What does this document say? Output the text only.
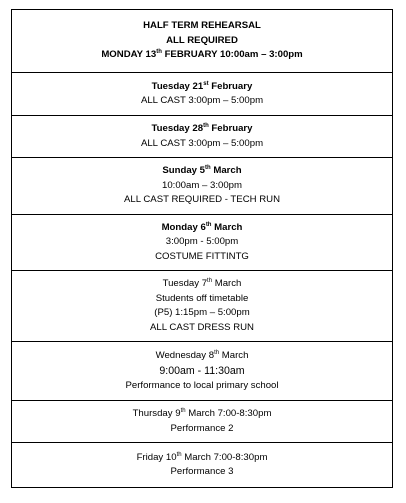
HALF TERM REHEARSAL
ALL REQUIRED
MONDAY 13th FEBRUARY 10:00am – 3:00pm

Tuesday 21st February
ALL CAST 3:00pm – 5:00pm

Tuesday 28th February
ALL CAST 3:00pm – 5:00pm

Sunday 5th March
10:00am – 3:00pm
ALL CAST REQUIRED - TECH RUN

Monday 6th March
3:00pm - 5:00pm
COSTUME FITTINTG

Tuesday 7th March
Students off timetable
(P5) 1:15pm – 5:00pm
ALL CAST DRESS RUN

Wednesday 8th March
9:00am - 11:30am
Performance to local primary school

Thursday 9th March 7:00-8:30pm
Performance 2

Friday 10th March 7:00-8:30pm
Performance 3
